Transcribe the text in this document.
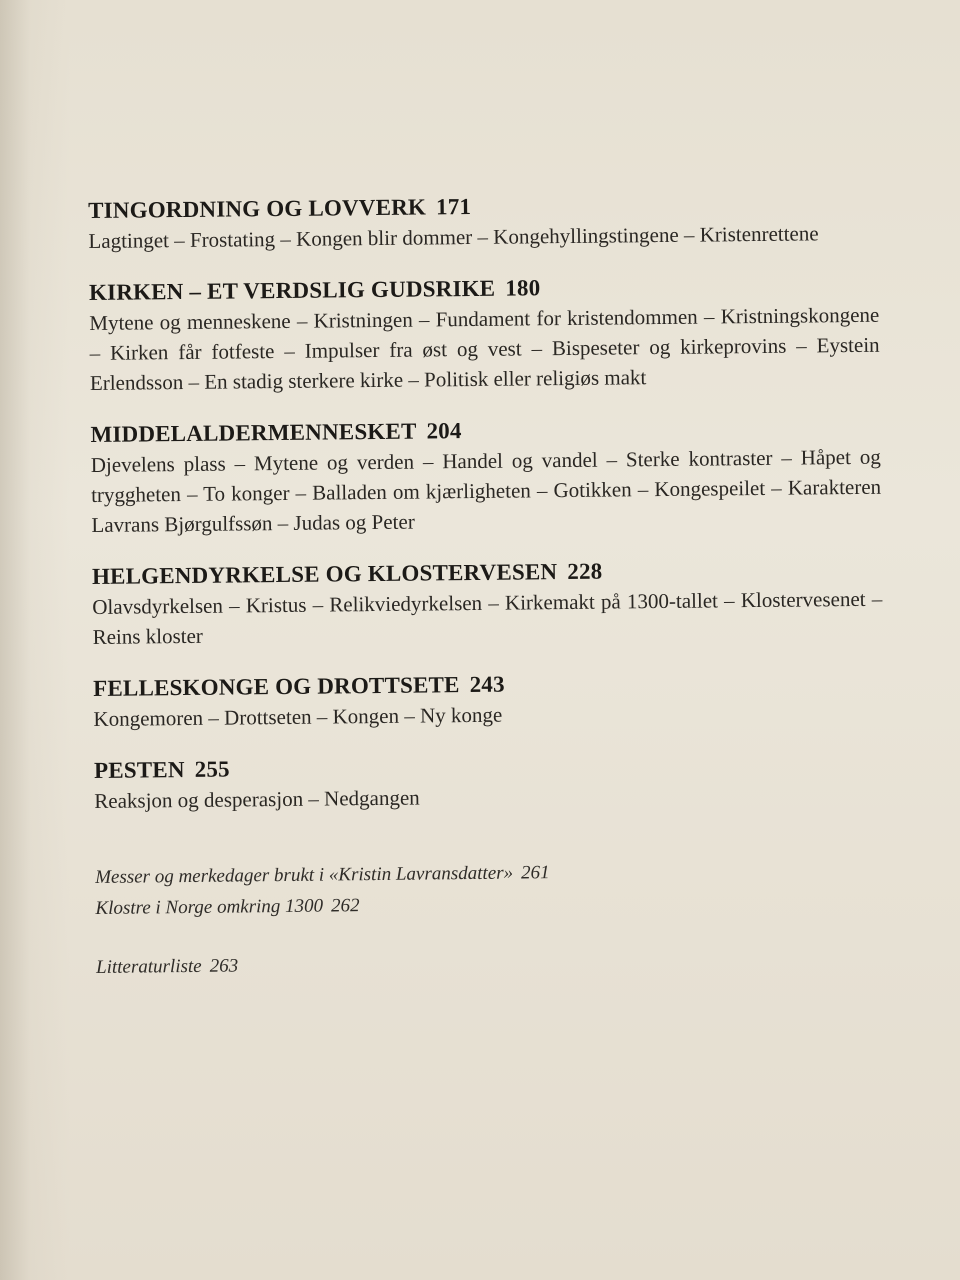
TINGORDNING OG LOVVERK 171

Lagtinget – Frostating – Kongen blir dommer – Kongehyllingstingene – Kristenrettene

KIRKEN – ET VERDSLIG GUDSRIKE 180

Mytene og menneskene – Kristningen – Fundament for kristendommen – Kristningskongene – Kirken får fotfeste – Impulser fra øst og vest – Bispeseter og kirkeprovins – Eystein Erlendsson – En stadig sterkere kirke – Politisk eller religiøs makt

MIDDELALDERMENNESKET 204

Djevelens plass – Mytene og verden – Handel og vandel – Sterke kontraster – Håpet og tryggheten – To konger – Balladen om kjærligheten – Gotikken – Kongespeilet – Karakteren Lavrans Bjørgulfssøn – Judas og Peter

HELGENDYRKELSE OG KLOSTERVESEN 228

Olavsdyrkelsen – Kristus – Relikviedyrkelsen – Kirkemakt på 1300-tallet – Klostervesenet – Reins kloster

FELLESKONGE OG DROTTSETE 243

Kongemoren – Drottseten – Kongen – Ny konge

PESTEN 255

Reaksjon og desperasjon – Nedgangen

Messer og merkedager brukt i «Kristin Lavransdatter» 261

Klostre i Norge omkring 1300 262

Litteraturliste 263
